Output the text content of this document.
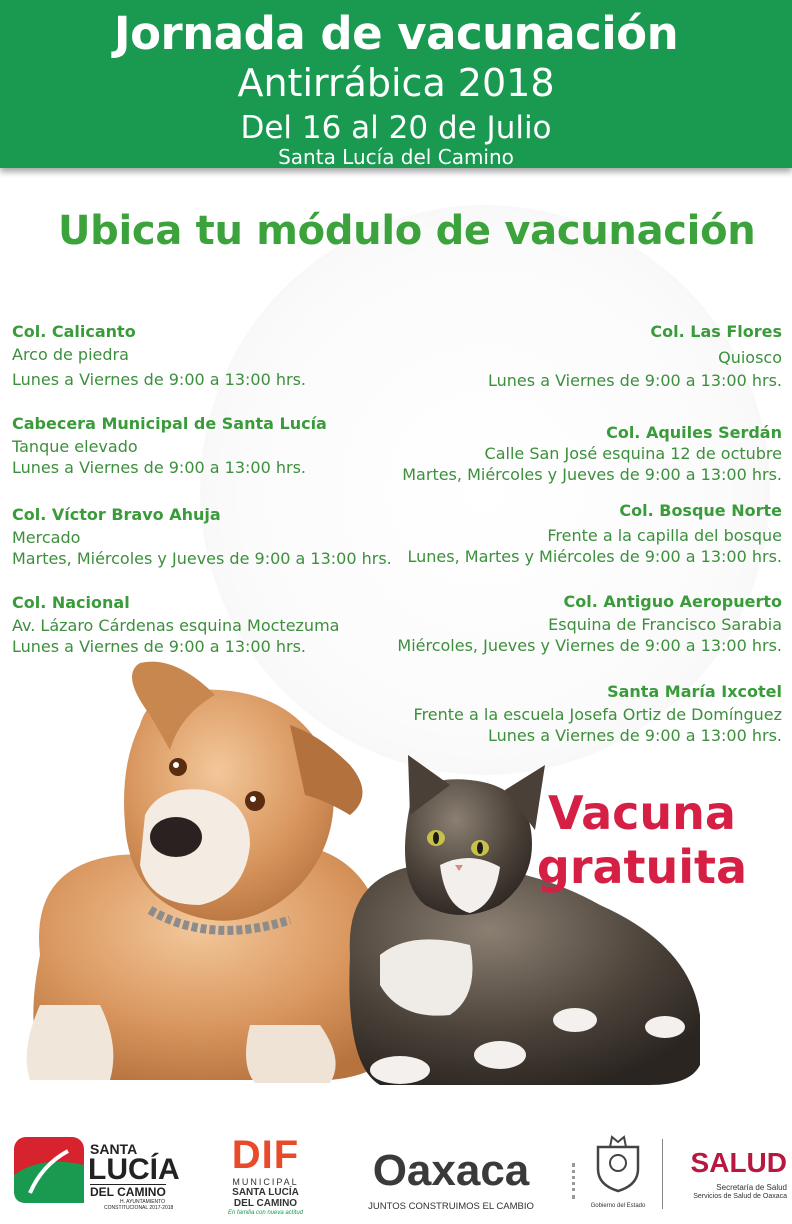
Jornada de vacunación
Antirrábica 2018
Del 16 al 20 de Julio
Santa Lucía del Camino
Ubica tu módulo de vacunación
Col. Calicanto
Arco de piedra
Lunes a Viernes de 9:00 a 13:00 hrs.
Cabecera Municipal de Santa Lucía
Tanque elevado
Lunes a Viernes de 9:00 a 13:00 hrs.
Col. Víctor Bravo Ahuja
Mercado
Martes, Miércoles y Jueves de 9:00 a 13:00 hrs.
Col. Nacional
Av. Lázaro Cárdenas esquina Moctezuma
Lunes a Viernes de 9:00 a 13:00 hrs.
Col. Las Flores
Quiosco
Lunes a Viernes de 9:00 a 13:00 hrs.
Col. Aquiles Serdán
Calle San José esquina 12 de octubre
Martes, Miércoles y Jueves de 9:00 a 13:00 hrs.
Col. Bosque Norte
Frente a la capilla del bosque
Lunes, Martes y Miércoles de 9:00 a 13:00 hrs.
Col. Antiguo Aeropuerto
Esquina de Francisco Sarabia
Miércoles, Jueves y Viernes de 9:00 a 13:00 hrs.
Santa María Ixcotel
Frente a la escuela Josefa Ortiz de Domínguez
Lunes a Viernes de 9:00 a 13:00 hrs.
Vacuna
gratuita
SANTA
LUCÍA
DEL CAMINO
H. AYUNTAMIENTO
CONSTITUCIONAL 2017-2018
DIF
MUNICIPAL
SANTA LUCÍA
DEL CAMINO
En familia con nueva actitud
Oaxaca
JUNTOS CONSTRUIMOS EL CAMBIO	Gobierno del Estado
SALUD
Secretaría de Salud
Servicios de Salud de Oaxaca
